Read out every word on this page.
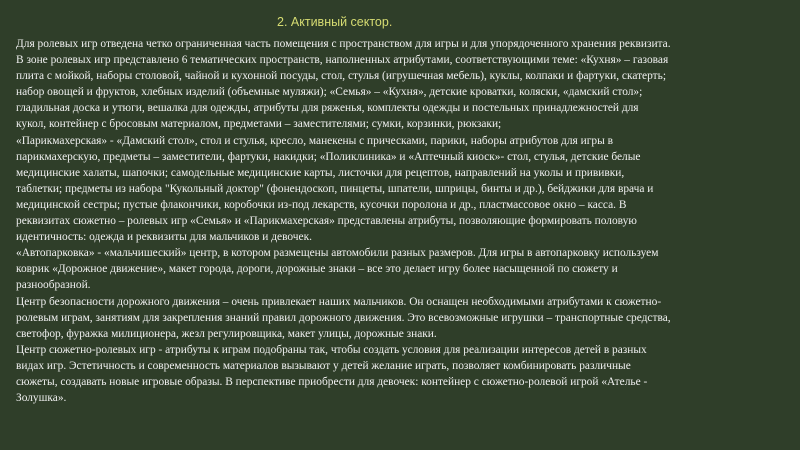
2. Активный сектор.

Для ролевых игр отведена четко ограниченная часть помещения с пространством для игры и для упорядоченного хранения реквизита.

В зоне ролевых игр представлено 6 тематических пространств, наполненных атрибутами, соответствующими теме: «Кухня» – газовая

плита с мойкой, наборы столовой, чайной и кухонной посуды, стол, стулья (игрушечная мебель), куклы, колпаки и фартуки, скатерть;

набор овощей и фруктов, хлебных изделий (объемные муляжи); «Семья» – «Кухня», детские кроватки, коляски, «дамский стол»;

гладильная доска и утюги, вешалка для одежды, атрибуты для ряженья, комплекты одежды и постельных принадлежностей для

кукол, контейнер с бросовым материалом, предметами – заместителями; сумки, корзинки, рюкзаки;

«Парикмахерская» - «Дамский стол», стол и стулья, кресло, манекены с прическами, парики, наборы атрибутов для игры в

парикмахерскую, предметы – заместители, фартуки, накидки; «Поликлиника» и «Аптечный киоск»- стол, стулья, детские белые

медицинские халаты, шапочки; самодельные медицинские карты, листочки для рецептов, направлений на уколы и прививки,

таблетки; предметы из набора "Кукольный доктор" (фонендоскоп, пинцеты, шпатели, шприцы, бинты и др.), бейджики для врача и

медицинской сестры; пустые флакончики, коробочки из-под лекарств, кусочки поролона и др., пластмассовое окно – касса. В

реквизитах сюжетно – ролевых игр «Семья» и «Парикмахерская» представлены атрибуты, позволяющие формировать половую

идентичность: одежда и реквизиты для мальчиков и девочек.

«Автопарковка» - «мальчишеский» центр, в котором размещены автомобили разных размеров. Для игры в автопарковку используем

коврик «Дорожное движение», макет города, дороги, дорожные знаки – все это делает игру более насыщенной по сюжету и

разнообразной.

Центр безопасности дорожного движения – очень привлекает наших мальчиков. Он оснащен необходимыми атрибутами к сюжетно-

ролевым играм, занятиям для закрепления знаний правил дорожного движения. Это всевозможные игрушки – транспортные средства,

светофор, фуражка милиционера, жезл регулировщика, макет улицы, дорожные знаки.

Центр сюжетно-ролевых игр - атрибуты к играм подобраны так, чтобы создать условия для реализации интересов детей в разных

видах игр. Эстетичность и современность материалов вызывают у детей желание играть, позволяет комбинировать различные

сюжеты, создавать новые игровые образы. В перспективе приобрести для девочек: контейнер с сюжетно-ролевой игрой «Ателье -

Золушка».
